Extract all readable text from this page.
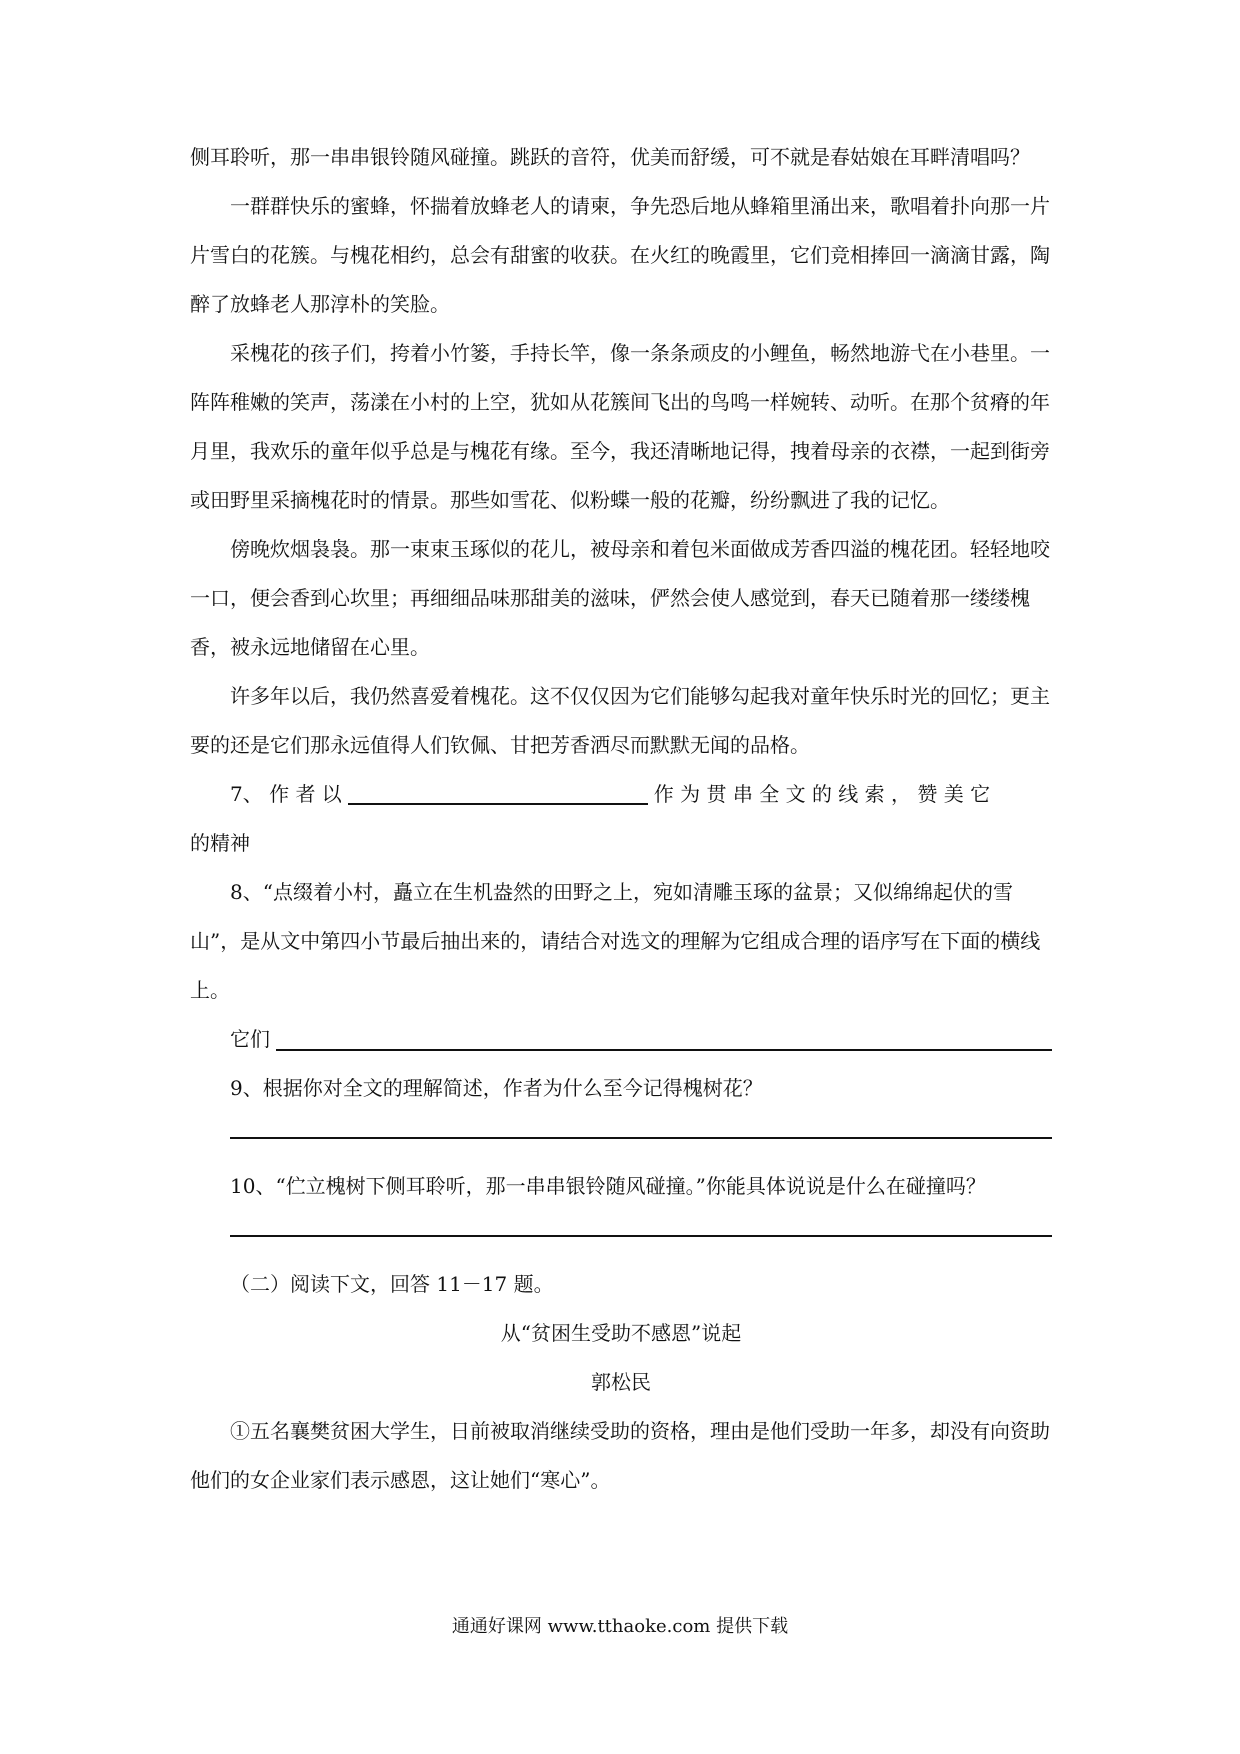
侧耳聆听，那一串串银铃随风碰撞。跳跃的音符，优美而舒缓，可不就是春姑娘在耳畔清唱吗？

一群群快乐的蜜蜂，怀揣着放蜂老人的请柬，争先恐后地从蜂箱里涌出来，歌唱着扑向那一片片雪白的花簇。与槐花相约，总会有甜蜜的收获。在火红的晚霞里，它们竞相捧回一滴滴甘露，陶醉了放蜂老人那淳朴的笑脸。

采槐花的孩子们，挎着小竹篓，手持长竿，像一条条顽皮的小鲤鱼，畅然地游弋在小巷里。一阵阵稚嫩的笑声，荡漾在小村的上空，犹如从花簇间飞出的鸟鸣一样婉转、动听。在那个贫瘠的年月里，我欢乐的童年似乎总是与槐花有缘。至今，我还清晰地记得，拽着母亲的衣襟，一起到街旁或田野里采摘槐花时的情景。那些如雪花、似粉蝶一般的花瓣，纷纷飘进了我的记忆。

傍晚炊烟袅袅。那一束束玉琢似的花儿，被母亲和着包米面做成芳香四溢的槐花团。轻轻地咬一口，便会香到心坎里；再细细品味那甜美的滋味，俨然会使人感觉到，春天已随着那一缕缕槐香，被永远地储留在心里。

许多年以后，我仍然喜爱着槐花。这不仅仅因为它们能够勾起我对童年快乐时光的回忆；更主要的还是它们那永远值得人们钦佩、甘把芳香洒尽而默默无闻的品格。

7、 作 者 以	作 为 贯 串 全 文 的 线 索 ， 赞 美 它

的精神

8、“点缀着小村，矗立在生机盎然的田野之上，宛如清雕玉琢的盆景；又似绵绵起伏的雪山”，是从文中第四小节最后抽出来的，请结合对选文的理解为它组成合理的语序写在下面的横线上。

它们

9、根据你对全文的理解简述，作者为什么至今记得槐树花？

10、“伫立槐树下侧耳聆听，那一串串银铃随风碰撞。”你能具体说说是什么在碰撞吗？

（二）阅读下文，回答 11－17 题。

从“贫困生受助不感恩”说起

郭松民

①五名襄樊贫困大学生，日前被取消继续受助的资格，理由是他们受助一年多，却没有向资助他们的女企业家们表示感恩，这让她们“寒心”。

通通好课网 www.tthaoke.com 提供下载
